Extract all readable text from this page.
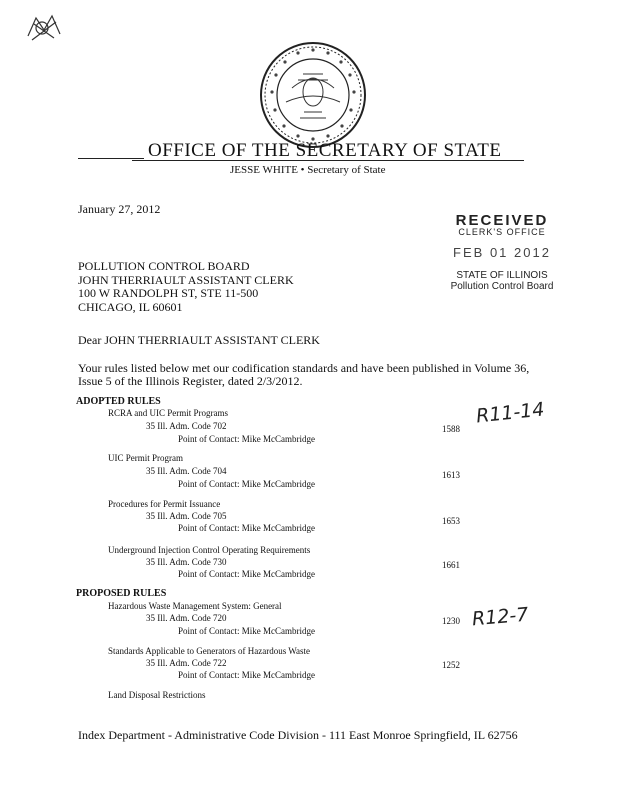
OFFICE OF THE SECRETARY OF STATE
JESSE WHITE • Secretary of State
January 27, 2012
RECEIVED
CLERK'S OFFICE
FEB 01 2012
STATE OF ILLINOIS
Pollution Control Board
POLLUTION CONTROL BOARD
JOHN THERRIAULT ASSISTANT CLERK
100 W RANDOLPH ST, STE 11-500
CHICAGO, IL 60601
Dear JOHN THERRIAULT ASSISTANT CLERK
Your rules listed below met our codification standards and have been published in Volume 36,
Issue 5 of the Illinois Register, dated 2/3/2012.
ADOPTED RULES
RCRA and UIC Permit Programs
35 Ill. Adm. Code 702
Point of Contact: Mike McCambridge
1588
UIC Permit Program
35 Ill. Adm. Code 704
Point of Contact: Mike McCambridge
1613
Procedures for Permit Issuance
35 Ill. Adm. Code 705
Point of Contact: Mike McCambridge
1653
Underground Injection Control Operating Requirements
35 Ill. Adm. Code 730
Point of Contact: Mike McCambridge
1661
PROPOSED RULES
Hazardous Waste Management System: General
35 Ill. Adm. Code 720
Point of Contact: Mike McCambridge
1230
Standards Applicable to Generators of Hazardous Waste
35 Ill. Adm. Code 722
Point of Contact: Mike McCambridge
1252
Land Disposal Restrictions
R11-14
R12-7
Index Department - Administrative Code Division - 111 East Monroe Springfield, IL 62756
